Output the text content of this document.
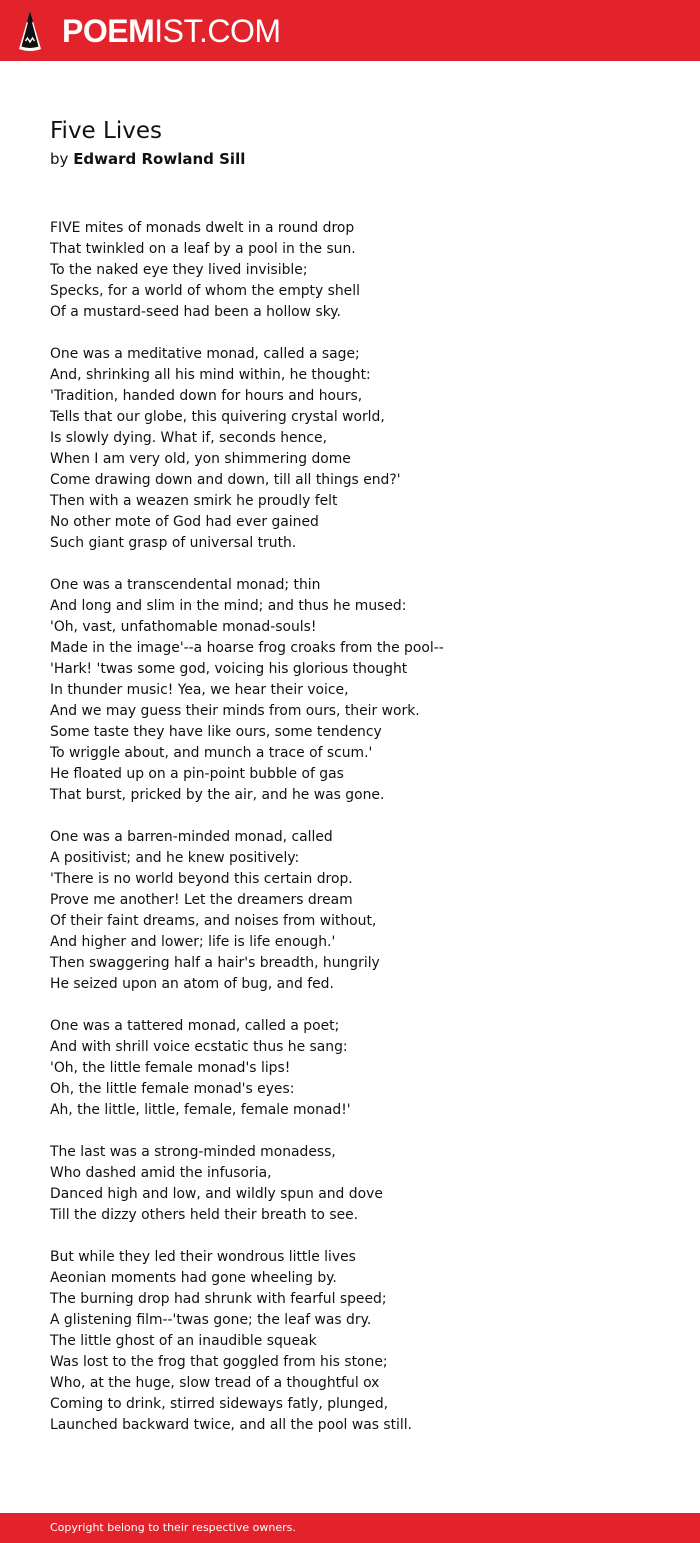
POEMIST.COM
Five Lives
by Edward Rowland Sill
FIVE mites of monads dwelt in a round drop
That twinkled on a leaf by a pool in the sun.
To the naked eye they lived invisible;
Specks, for a world of whom the empty shell
Of a mustard-seed had been a hollow sky.
One was a meditative monad, called a sage;
And, shrinking all his mind within, he thought:
'Tradition, handed down for hours and hours,
Tells that our globe, this quivering crystal world,
Is slowly dying. What if, seconds hence,
When I am very old, yon shimmering dome
Come drawing down and down, till all things end?'
Then with a weazen smirk he proudly felt
No other mote of God had ever gained
Such giant grasp of universal truth.
One was a transcendental monad; thin
And long and slim in the mind; and thus he mused:
'Oh, vast, unfathomable monad-souls!
Made in the image'--a hoarse frog croaks from the pool--
'Hark! 'twas some god, voicing his glorious thought
In thunder music! Yea, we hear their voice,
And we may guess their minds from ours, their work.
Some taste they have like ours, some tendency
To wriggle about, and munch a trace of scum.'
He floated up on a pin-point bubble of gas
That burst, pricked by the air, and he was gone.
One was a barren-minded monad, called
A positivist; and he knew positively:
'There is no world beyond this certain drop.
Prove me another! Let the dreamers dream
Of their faint dreams, and noises from without,
And higher and lower; life is life enough.'
Then swaggering half a hair's breadth, hungrily
He seized upon an atom of bug, and fed.
One was a tattered monad, called a poet;
And with shrill voice ecstatic thus he sang:
'Oh, the little female monad's lips!
Oh, the little female monad's eyes:
Ah, the little, little, female, female monad!'
The last was a strong-minded monadess,
Who dashed amid the infusoria,
Danced high and low, and wildly spun and dove
Till the dizzy others held their breath to see.
But while they led their wondrous little lives
Aeonian moments had gone wheeling by.
The burning drop had shrunk with fearful speed;
A glistening film--'twas gone; the leaf was dry.
The little ghost of an inaudible squeak
Was lost to the frog that goggled from his stone;
Who, at the huge, slow tread of a thoughtful ox
Coming to drink, stirred sideways fatly, plunged,
Launched backward twice, and all the pool was still.
Copyright belong to their respective owners.
